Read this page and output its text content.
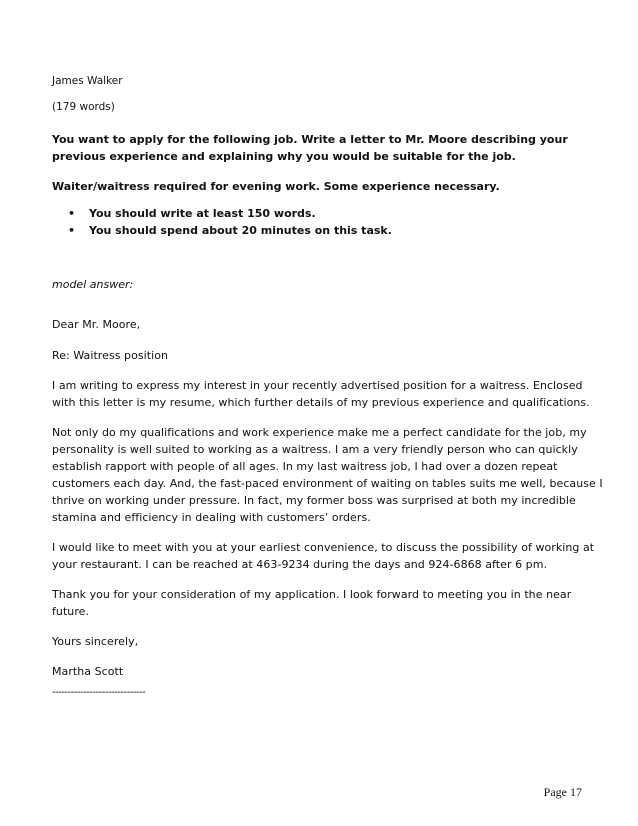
James Walker

(179 words)

You want to apply for the following job. Write a letter to Mr. Moore describing your

previous experience and explaining why you would be suitable for the job.

Waiter/waitress required for evening work. Some experience necessary.

• You should write at least 150 words.
• You should spend about 20 minutes on this task.

model answer:

Dear Mr. Moore,

Re: Waitress position

I am writing to express my interest in your recently advertised position for a waitress. Enclosed

with this letter is my resume, which further details of my previous experience and qualifications.

Not only do my qualifications and work experience make me a perfect candidate for the job, my

personality is well suited to working as a waitress. I am a very friendly person who can quickly

establish rapport with people of all ages. In my last waitress job, I had over a dozen repeat

customers each day. And, the fast-paced environment of waiting on tables suits me well, because I

thrive on working under pressure. In fact, my former boss was surprised at both my incredible

stamina and efficiency in dealing with customers’ orders.

I would like to meet with you at your earliest convenience, to discuss the possibility of working at

your restaurant. I can be reached at 463-9234 during the days and 924-6868 after 6 pm.

Thank you for your consideration of my application. I look forward to meeting you in the near

future.

Yours sincerely,

Martha Scott

------------------------------
Page 17
